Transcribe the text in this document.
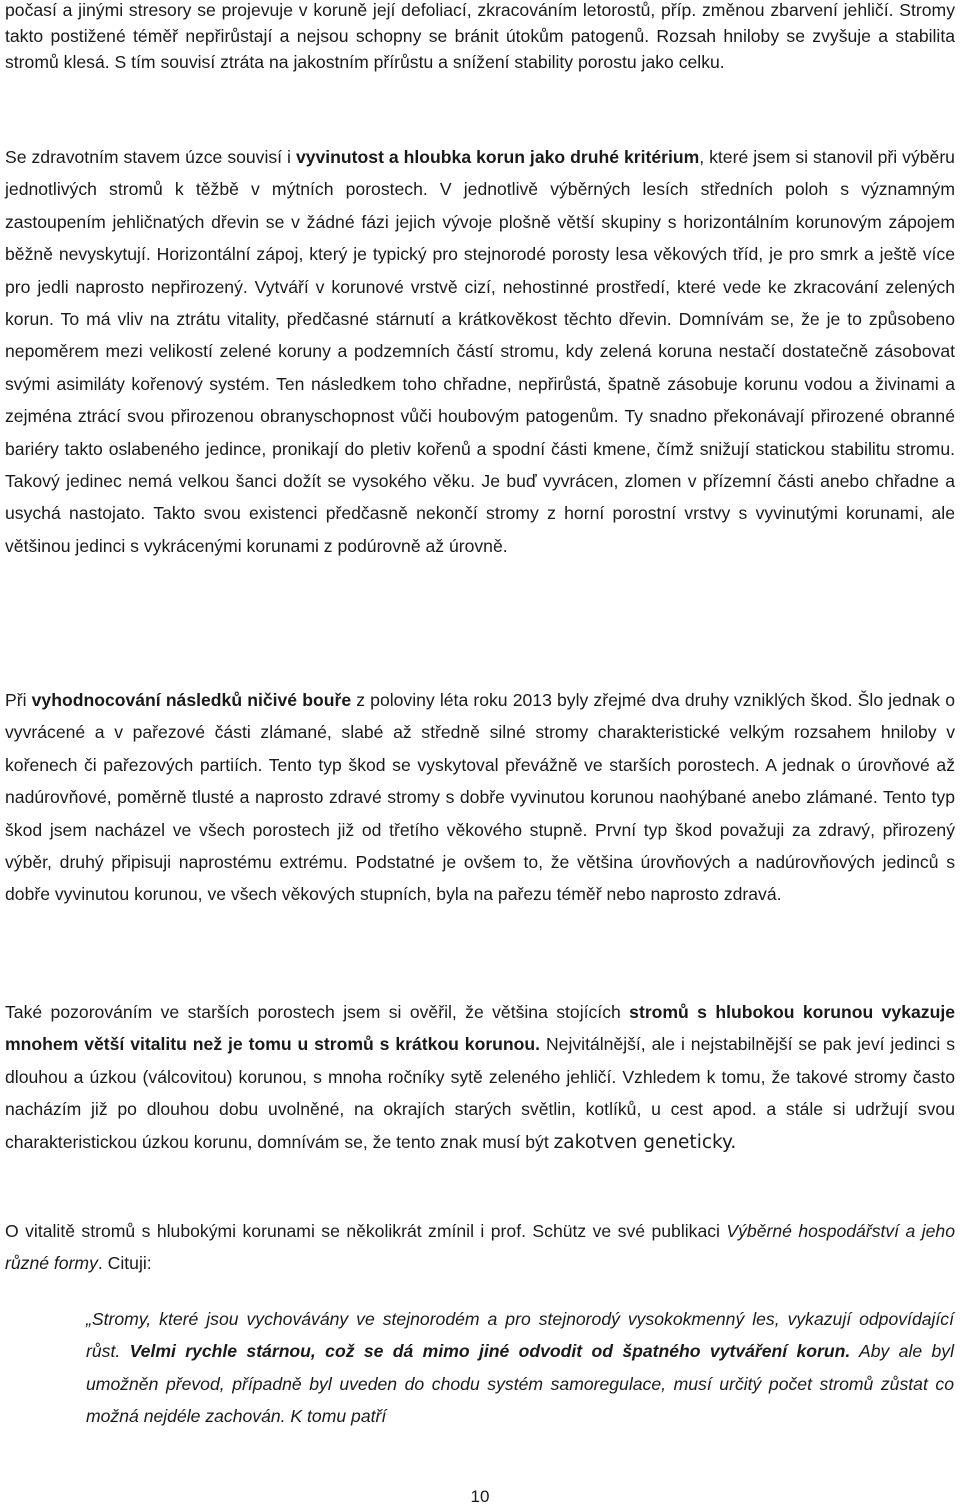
počasí a jinými stresory se projevuje v koruně její defoliací, zkracováním letorostů, příp. změnou zbarvení jehličí. Stromy takto postižené téměř nepřirůstají a nejsou schopny se bránit útokům patogenů. Rozsah hniloby se zvyšuje a stabilita stromů klesá. S tím souvisí ztráta na jakostním přírůstu a snížení stability porostu jako celku.

Se zdravotním stavem úzce souvisí i vyvinutost a hloubka korun jako druhé kritérium, které jsem si stanovil při výběru jednotlivých stromů k těžbě v mýtních porostech. V jednotlivě výběrných lesích středních poloh s významným zastoupením jehličnatých dřevin se v žádné fázi jejich vývoje plošně větší skupiny s horizontálním korunovým zápojem běžně nevyskytují. Horizontální zápoj, který je typický pro stejnorodé porosty lesa věkových tříd, je pro smrk a ještě více pro jedli naprosto nepřirozený. Vytváří v korunové vrstvě cizí, nehostinné prostředí, které vede ke zkracování zelených korun. To má vliv na ztrátu vitality, předčasné stárnutí a krátkověkost těchto dřevin. Domnívám se, že je to způsobeno nepoměrem mezi velikostí zelené koruny a podzemních částí stromu, kdy zelená koruna nestačí dostatečně zásobovat svými asimiláty kořenový systém. Ten následkem toho chřadne, nepřirůstá, špatně zásobuje korunu vodou a živinami a zejména ztrácí svou přirozenou obranyschopnost vůči houbovým patogenům. Ty snadno překonávají přirozené obranné bariéry takto oslabeného jedince, pronikají do pletiv kořenů a spodní části kmene, čímž snižují statickou stabilitu stromu. Takový jedinec nemá velkou šanci dožít se vysokého věku. Je buď vyvrácen, zlomen v přízemní části anebo chřadne a usychá nastojato. Takto svou existenci předčasně nekončí stromy z horní porostní vrstvy s vyvinutými korunami, ale většinou jedinci s vykrácenými korunami z podúrovně až úrovně.

Při vyhodnocování následků ničivé bouře z poloviny léta roku 2013 byly zřejmé dva druhy vzniklých škod. Šlo jednak o vyvrácené a v pařezové části zlámané, slabé až středně silné stromy charakteristické velkým rozsahem hniloby v kořenech či pařezových partiích. Tento typ škod se vyskytoval převážně ve starších porostech. A jednak o úrovňové až nadúrovňové, poměrně tlusté a naprosto zdravé stromy s dobře vyvinutou korunou naohýbané anebo zlámané. Tento typ škod jsem nacházel ve všech porostech již od třetího věkového stupně. První typ škod považuji za zdravý, přirozený výběr, druhý připisuji naprostému extrému. Podstatné je ovšem to, že většina úrovňových a nadúrovňových jedinců s dobře vyvinutou korunou, ve všech věkových stupních, byla na pařezu téměř nebo naprosto zdravá.

Také pozorováním ve starších porostech jsem si ověřil, že většina stojících stromů s hlubokou korunou vykazuje mnohem větší vitalitu než je tomu u stromů s krátkou korunou. Nejvitálnější, ale i nejstabilnější se pak jeví jedinci s dlouhou a úzkou (válcovitou) korunou, s mnoha ročníky sytě zeleného jehličí. Vzhledem k tomu, že takové stromy často nacházím již po dlouhou dobu uvolněné, na okrajích starých světlin, kotlíků, u cest apod. a stále si udržují svou charakteristickou úzkou korunu, domnívám se, že tento znak musí být zakotven geneticky.

O vitalitě stromů s hlubokými korunami se několikrát zmínil i prof. Schütz ve své publikaci Výběrné hospodářství a jeho různé formy. Cituji:

„Stromy, které jsou vychovávány ve stejnorodém a pro stejnorodý vysokokmenný les, vykazují odpovídající růst. Velmi rychle stárnou, což se dá mimo jiné odvodit od špatného vytváření korun. Aby ale byl umožněn převod, případně byl uveden do chodu systém samoregulace, musí určitý počet stromů zůstat co možná nejdéle zachován. K tomu patří

10
